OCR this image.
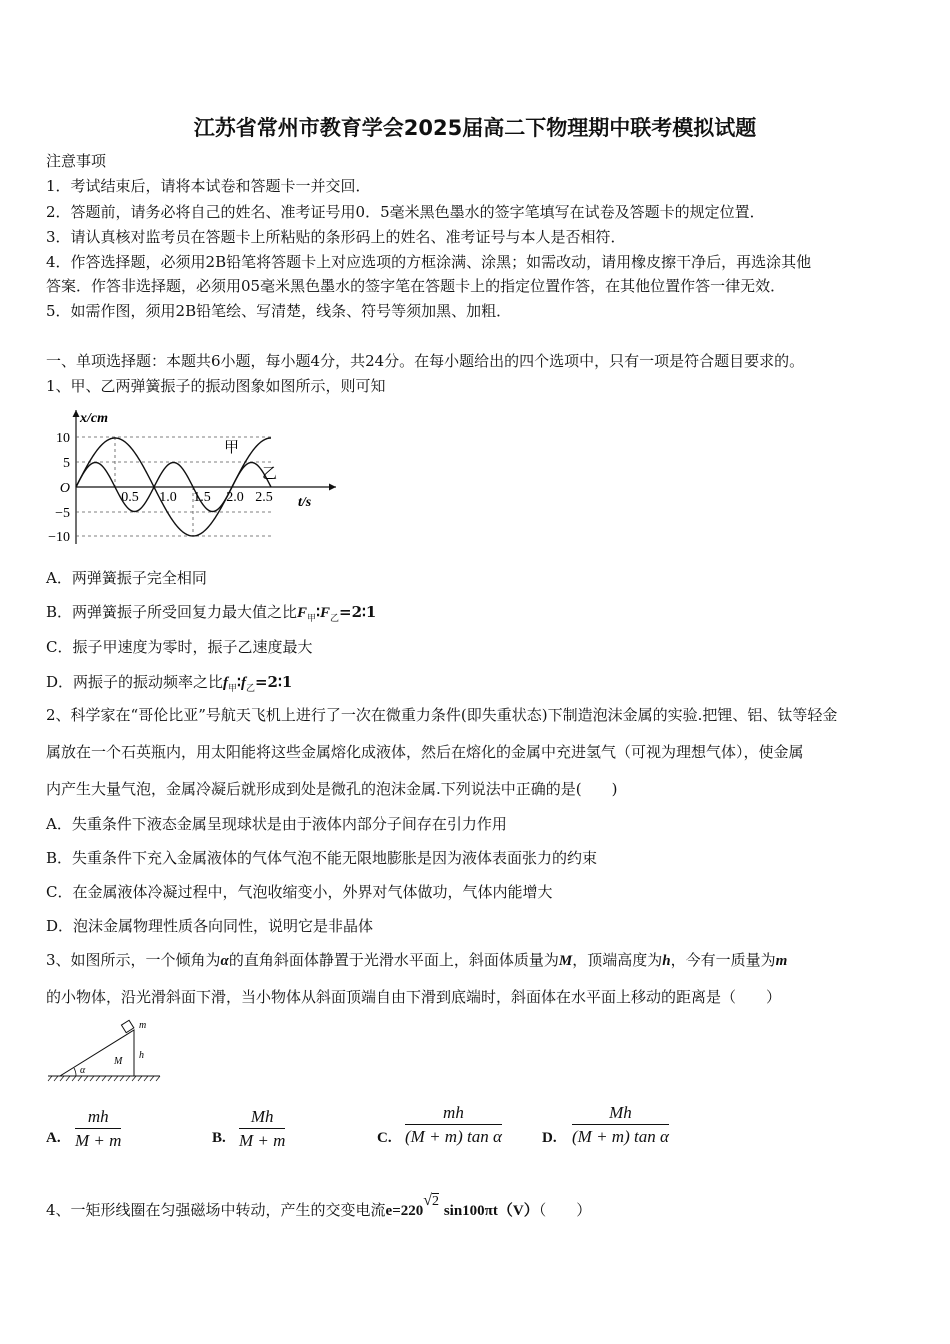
江苏省常州市教育学会2025届高二下物理期中联考模拟试题
注意事项
1．考试结束后，请将本试卷和答题卡一并交回．
2．答题前，请务必将自己的姓名、准考证号用0．5毫米黑色墨水的签字笔填写在试卷及答题卡的规定位置．
3．请认真核对监考员在答题卡上所粘贴的条形码上的姓名、准考证号与本人是否相符．
4．作答选择题，必须用2B铅笔将答题卡上对应选项的方框涂满、涂黑；如需改动，请用橡皮擦干净后，再选涂其他
答案．作答非选择题，必须用05毫米黑色墨水的签字笔在答题卡上的指定位置作答，在其他位置作答一律无效．
5．如需作图，须用2B铅笔绘、写清楚，线条、符号等须加黑、加粗．
一、单项选择题：本题共6小题，每小题4分，共24分。在每小题给出的四个选项中，只有一项是符合题目要求的。
1、甲、乙两弹簧振子的振动图象如图所示，则可知
x/cm
t/s
10
5
O
−5
−10
0.5 1.0 1.5 2.0 2.5
甲
乙
A．两弹簧振子完全相同
B．两弹簧振子所受回复力最大值之比$F_甲∶F_乙=2∶1$
C．振子甲速度为零时，振子乙速度最大
D．两振子的振动频率之比$f_甲∶f_乙=2∶1$
2、科学家在“哥伦比亚”号航天飞机上进行了一次在微重力条件(即失重状态)下制造泡沫金属的实验.把锂、铝、钛等轻金
属放在一个石英瓶内，用太阳能将这些金属熔化成液体，然后在熔化的金属中充进氢气（可视为理想气体），使金属
内产生大量气泡，金属冷凝后就形成到处是微孔的泡沫金属.下列说法中正确的是(　　)
A．失重条件下液态金属呈现球状是由于液体内部分子间存在引力作用
B．失重条件下充入金属液体的气体气泡不能无限地膨胀是因为液体表面张力的约束
C．在金属液体冷凝过程中，气泡收缩变小，外界对气体做功，气体内能增大
D．泡沫金属物理性质各向同性，说明它是非晶体
3、如图所示，一个倾角为α的直角斜面体静置于光滑水平面上，斜面体质量为M，顶端高度为h，今有一质量为m
的小物体，沿光滑斜面下滑，当小物体从斜面顶端自由下滑到底端时，斜面体在水平面上移动的距离是（　　）
m
h
M
α
A. $\frac{mh}{M + m}$	B. $\frac{Mh}{M + m}$	C. $\frac{mh}{\text{(M + m) tan α}}$	D. $\frac{Mh}{\text{(M + m) tan α}}$
4、一矩形线圈在匀强磁场中转动，产生的交变电流e=220√2 sin100πt（V）（　　）
